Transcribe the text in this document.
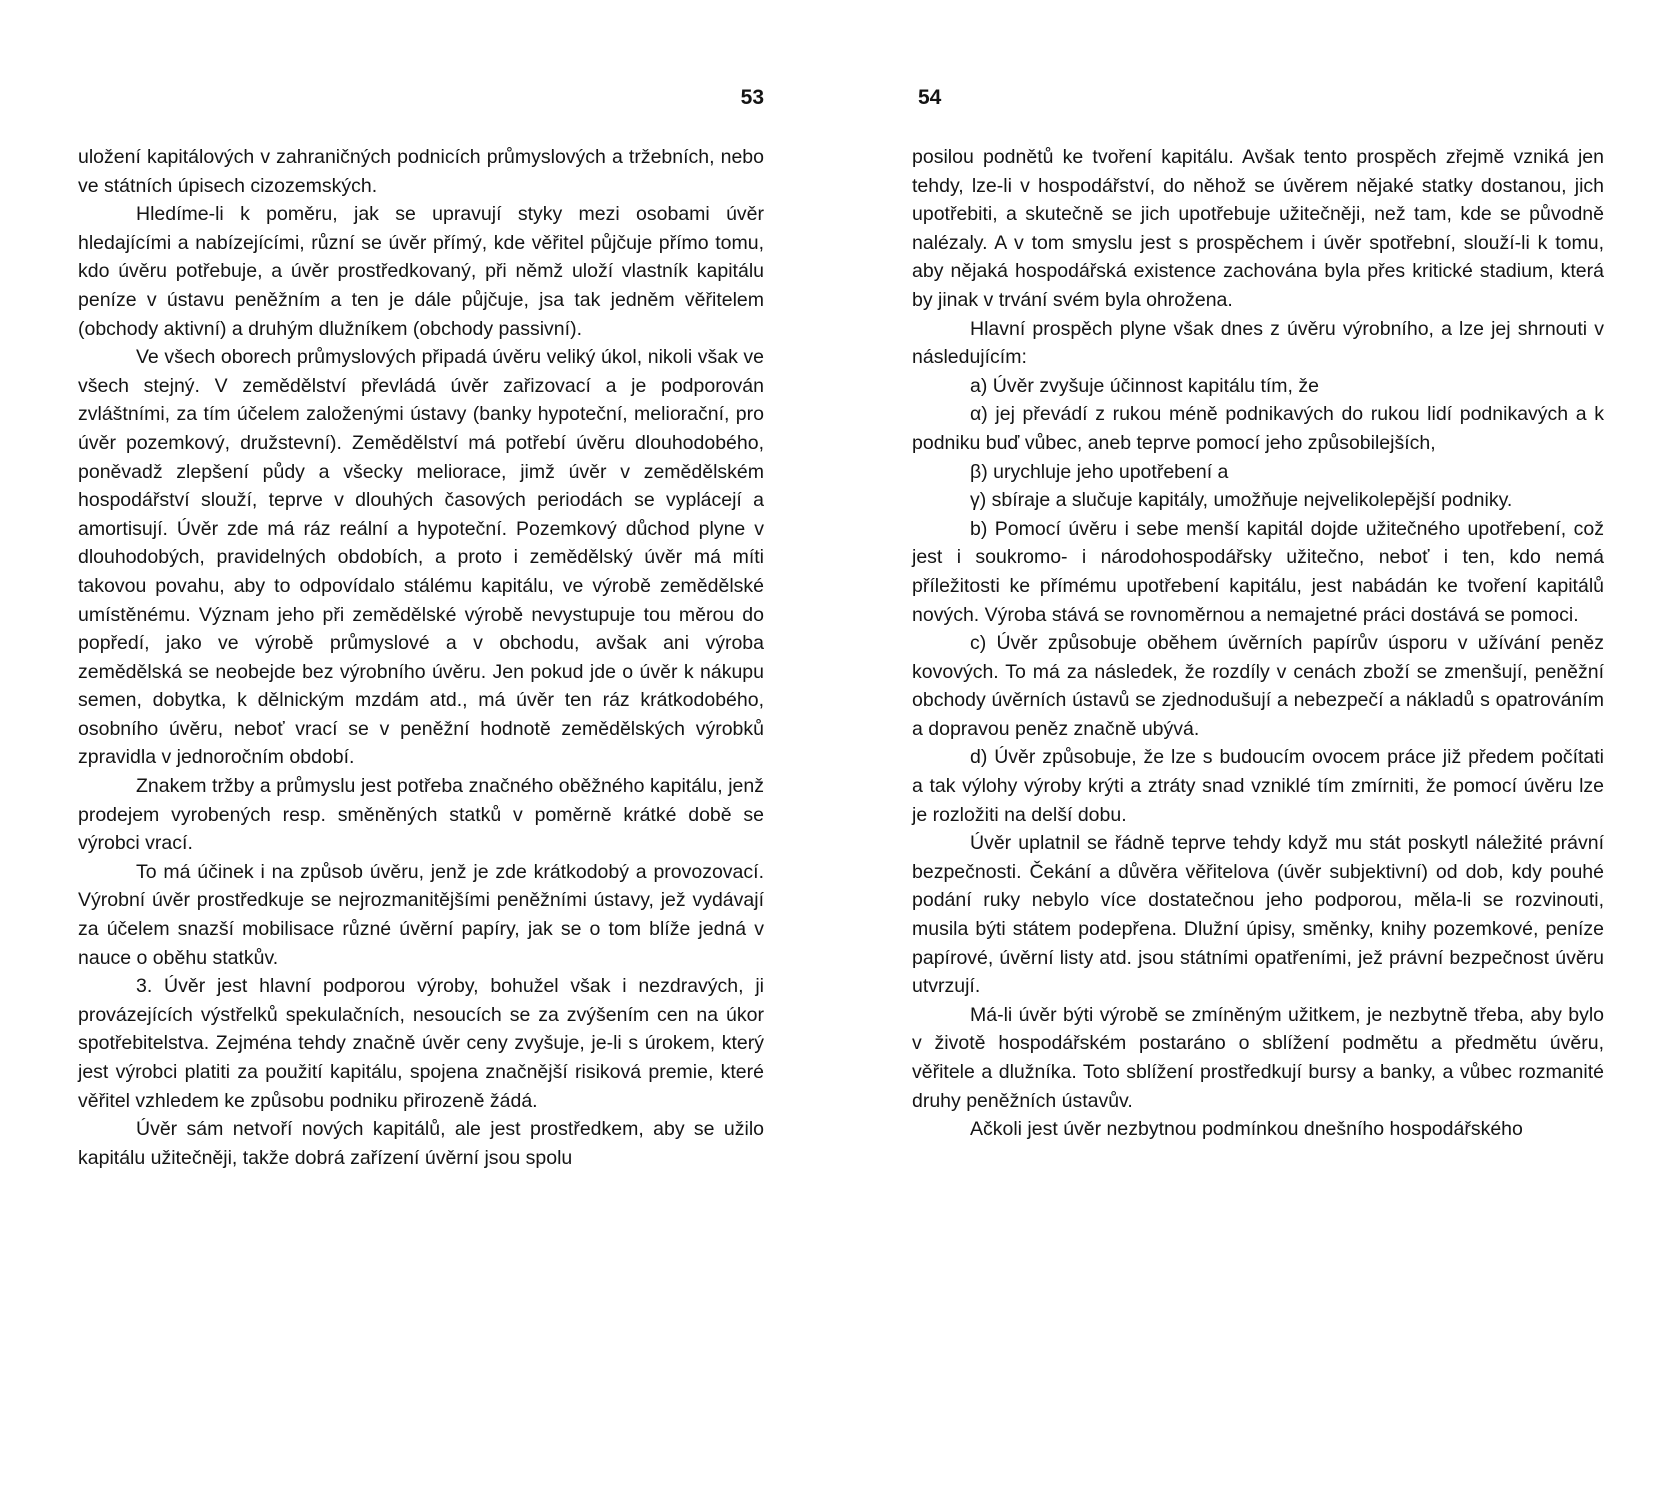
53

uložení kapitálových v zahraničných podnicích průmyslových a tržebních, nebo ve státních úpisech cizozemských.

Hledíme-li k poměru, jak se upravují styky mezi osobami úvěr hledajícími a nabízejícími, různí se úvěr přímý, kde věřitel půjčuje přímo tomu, kdo úvěru potřebuje, a úvěr prostředkovaný, při němž uloží vlastník kapitálu peníze v ústavu peněžním a ten je dále půjčuje, jsa tak jedněm věřitelem (obchody aktivní) a druhým dlužníkem (obchody passivní).

Ve všech oborech průmyslových připadá úvěru veliký úkol, nikoli však ve všech stejný. V zemědělství převládá úvěr zařizovací a je podporován zvláštními, za tím účelem založenými ústavy (banky hypoteční, meliorační, pro úvěr pozemkový, družstevní). Zemědělství má potřebí úvěru dlouhodobého, poněvadž zlepšení půdy a všecky meliorace, jimž úvěr v zemědělském hospodářství slouží, teprve v dlouhých časových periodách se vyplácejí a amortisují. Úvěr zde má ráz reální a hypoteční. Pozemkový důchod plyne v dlouhodobých, pravidelných obdobích, a proto i zemědělský úvěr má míti takovou povahu, aby to odpovídalo stálému kapitálu, ve výrobě zemědělské umístěnému. Význam jeho při zemědělské výrobě nevystupuje tou měrou do popředí, jako ve výrobě průmyslové a v obchodu, avšak ani výroba zemědělská se neobejde bez výrobního úvěru. Jen pokud jde o úvěr k nákupu semen, dobytka, k dělnickým mzdám atd., má úvěr ten ráz krátkodobého, osobního úvěru, neboť vrací se v peněžní hodnotě zemědělských výrobků zpravidla v jednoročním období.

Znakem tržby a průmyslu jest potřeba značného oběžného kapitálu, jenž prodejem vyrobených resp. směněných statků v poměrně krátké době se výrobci vrací.

To má účinek i na způsob úvěru, jenž je zde krátkodobý a provozovací. Výrobní úvěr prostředkuje se nejrozmanitějšími peněžními ústavy, jež vydávají za účelem snazší mobilisace různé úvěrní papíry, jak se o tom blíže jedná v nauce o oběhu statkův.

3. Úvěr jest hlavní podporou výroby, bohužel však i nezdravých, ji provázejících výstřelků spekulačních, nesoucích se za zvýšením cen na úkor spotřebitelstva. Zejména tehdy značně úvěr ceny zvyšuje, je-li s úrokem, který jest výrobci platiti za použití kapitálu, spojena značnější risiková premie, které věřitel vzhledem ke způsobu podniku přirozeně žádá.

Úvěr sám netvoří nových kapitálů, ale jest prostředkem, aby se užilo kapitálu užitečněji, takže dobrá zařízení úvěrní jsou spolu

54

posilou podnětů ke tvoření kapitálu. Avšak tento prospěch zřejmě vzniká jen tehdy, lze-li v hospodářství, do něhož se úvěrem nějaké statky dostanou, jich upotřebiti, a skutečně se jich upotřebuje užitečněji, než tam, kde se původně nalézaly. A v tom smyslu jest s prospěchem i úvěr spotřební, slouží-li k tomu, aby nějaká hospodářská existence zachována byla přes kritické stadium, která by jinak v trvání svém byla ohrožena.

Hlavní prospěch plyne však dnes z úvěru výrobního, a lze jej shrnouti v následujícím:

a) Úvěr zvyšuje účinnost kapitálu tím, že

α) jej převádí z rukou méně podnikavých do rukou lidí podnikavých a k podniku buď vůbec, aneb teprve pomocí jeho způsobilejších,

β) urychluje jeho upotřebení a

γ) sbíraje a slučuje kapitály, umožňuje nejvelikolepější podniky.

b) Pomocí úvěru i sebe menší kapitál dojde užitečného upotřebení, což jest i soukromo- i národohospodářsky užitečno, neboť i ten, kdo nemá příležitosti ke přímému upotřebení kapitálu, jest nabádán ke tvoření kapitálů nových. Výroba stává se rovnoměrnou a nemajetné práci dostává se pomoci.

c) Úvěr způsobuje oběhem úvěrních papírův úsporu v užívání peněz kovových. To má za následek, že rozdíly v cenách zboží se zmenšují, peněžní obchody úvěrních ústavů se zjednodušují a nebezpečí a nákladů s opatrováním a dopravou peněz značně ubývá.

d) Úvěr způsobuje, že lze s budoucím ovocem práce již předem počítati a tak výlohy výroby krýti a ztráty snad vzniklé tím zmírniti, že pomocí úvěru lze je rozložiti na delší dobu.

Úvěr uplatnil se řádně teprve tehdy když mu stát poskytl náležité právní bezpečnosti. Čekání a důvěra věřitelova (úvěr subjektivní) od dob, kdy pouhé podání ruky nebylo více dostatečnou jeho podporou, měla-li se rozvinouti, musila býti státem podepřena. Dlužní úpisy, směnky, knihy pozemkové, peníze papírové, úvěrní listy atd. jsou státními opatřeními, jež právní bezpečnost úvěru utvrzují.

Má-li úvěr býti výrobě se zmíněným užitkem, je nezbytně třeba, aby bylo v životě hospodářském postaráno o sblížení podmětu a předmětu úvěru, věřitele a dlužníka. Toto sblížení prostředkují bursy a banky, a vůbec rozmanité druhy peněžních ústavův.

Ačkoli jest úvěr nezbytnou podmínkou dnešního hospodářského
